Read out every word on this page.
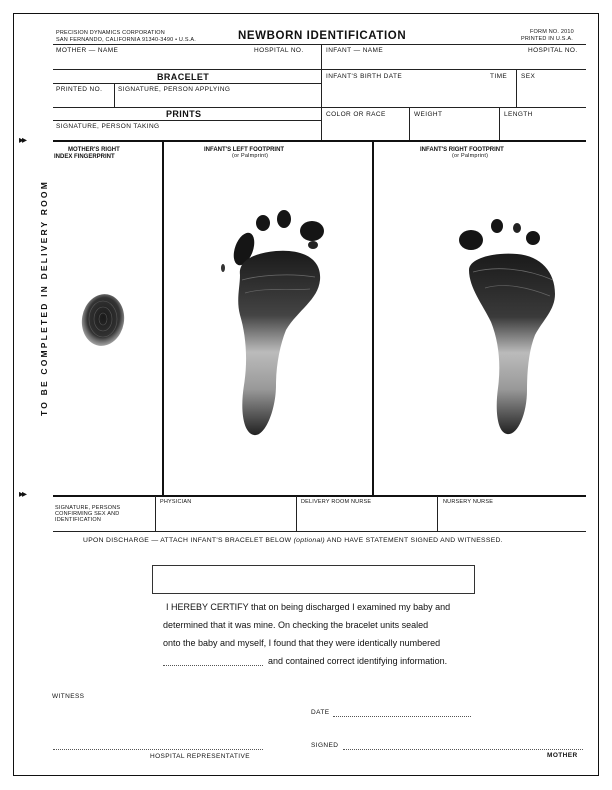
PRECISION DYNAMICS CORPORATION
SAN FERNANDO, CALIFORNIA 91340-3490 • U.S.A.	NEWBORN IDENTIFICATION	FORM NO. 2010
PRINTED IN U.S.A.
MOTHER — NAME	HOSPITAL NO.	INFANT — NAME	HOSPITAL NO.
BRACELET
PRINTED NO. SIGNATURE, PERSON APPLYING
INFANT'S BIRTH DATE	TIME SEX
PRINTS
SIGNATURE, PERSON TAKING
COLOR OR RACE	WEIGHT	LENGTH
▸▸
▸▸
TO BE COMPLETED IN DELIVERY ROOM
MOTHER'S RIGHT
INDEX FINGERPRINT
INFANT'S LEFT FOOTPRINT
(or Palmprint)
INFANT'S RIGHT FOOTPRINT
(or Palmprint)
SIGNATURE, PERSONS
CONFIRMING SEX AND
IDENTIFICATION
PHYSICIAN	DELIVERY ROOM NURSE	NURSERY NURSE
UPON DISCHARGE — ATTACH INFANT'S BRACELET BELOW (optional) AND HAVE STATEMENT SIGNED AND WITNESSED.
I HEREBY CERTIFY that on being discharged I examined my baby and
determined that it was mine. On checking the bracelet units sealed
onto the baby and myself, I found that they were identically numbered
and contained correct identifying information.
WITNESS
DATE
SIGNED
HOSPITAL REPRESENTATIVE	MOTHER
